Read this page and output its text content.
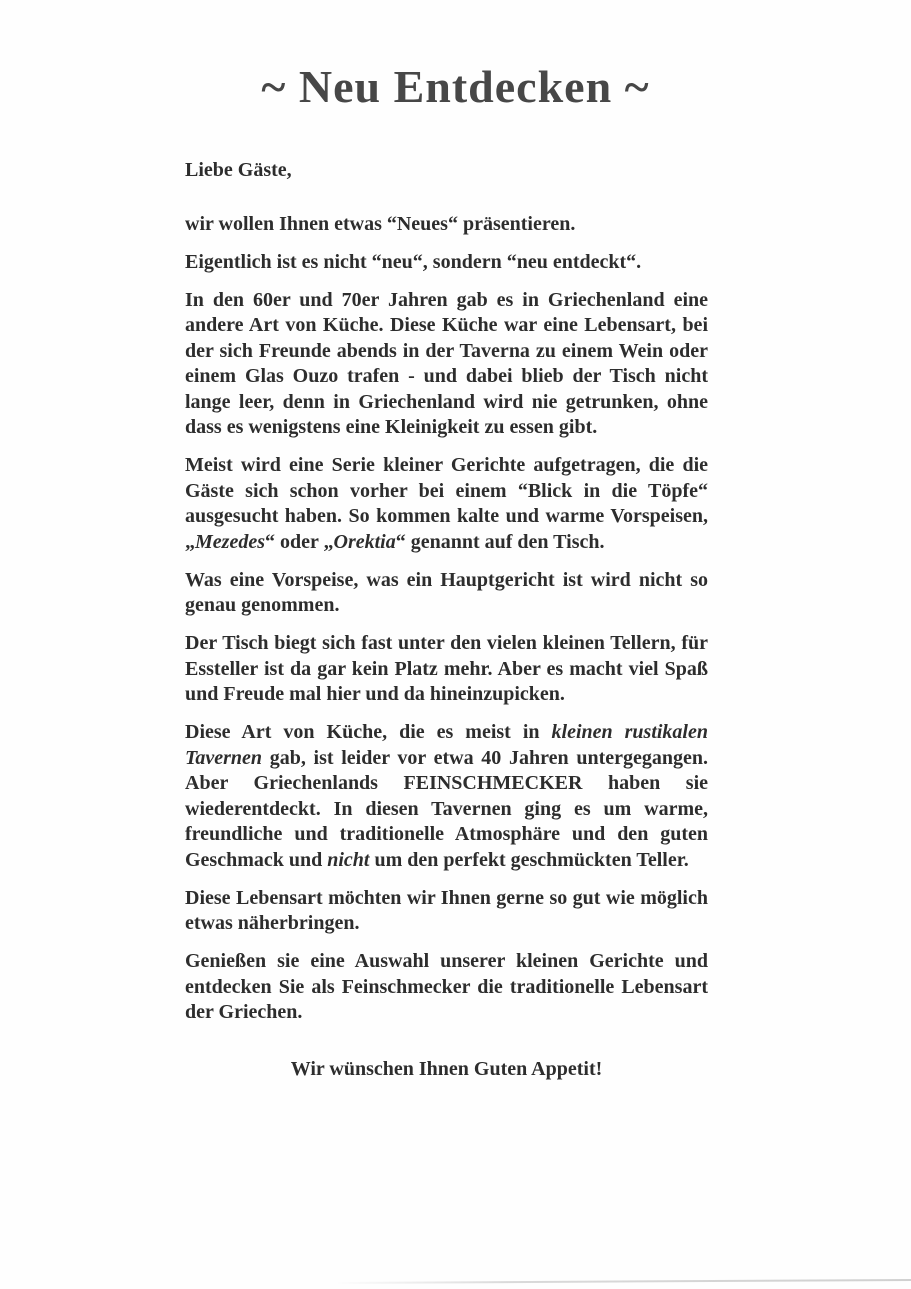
~ Neu Entdecken ~

Liebe Gäste,

wir wollen Ihnen etwas “Neues“ präsentieren.

Eigentlich ist es nicht “neu“, sondern “neu entdeckt“.

In den 60er und 70er Jahren gab es in Griechenland eine andere Art von Küche. Diese Küche war eine Lebensart, bei der sich Freunde abends in der Taverna zu einem Wein oder einem Glas Ouzo trafen - und dabei blieb der Tisch nicht lange leer, denn in Griechenland wird nie getrunken, ohne dass es wenigstens eine Kleinigkeit zu essen gibt.

Meist wird eine Serie kleiner Gerichte aufgetragen, die die Gäste sich schon vorher bei einem “Blick in die Töpfe“ ausgesucht haben. So kommen kalte und warme Vorspeisen, „Mezedes“ oder „Orektia“ genannt auf den Tisch.

Was eine Vorspeise, was ein Hauptgericht ist wird nicht so genau genommen.

Der Tisch biegt sich fast unter den vielen kleinen Tellern, für Essteller ist da gar kein Platz mehr. Aber es macht viel Spaß und Freude mal hier und da hineinzupicken.

Diese Art von Küche, die es meist in kleinen rustikalen Tavernen gab, ist leider vor etwa 40 Jahren untergegangen. Aber Griechenlands FEINSCHMECKER haben sie wiederentdeckt. In diesen Tavernen ging es um warme, freundliche und traditionelle Atmosphäre und den guten Geschmack und nicht um den perfekt geschmückten Teller.

Diese Lebensart möchten wir Ihnen gerne so gut wie möglich etwas näherbringen.

Genießen sie eine Auswahl unserer kleinen Gerichte und entdecken Sie als Feinschmecker die traditionelle Lebensart der Griechen.

Wir wünschen Ihnen Guten Appetit!
